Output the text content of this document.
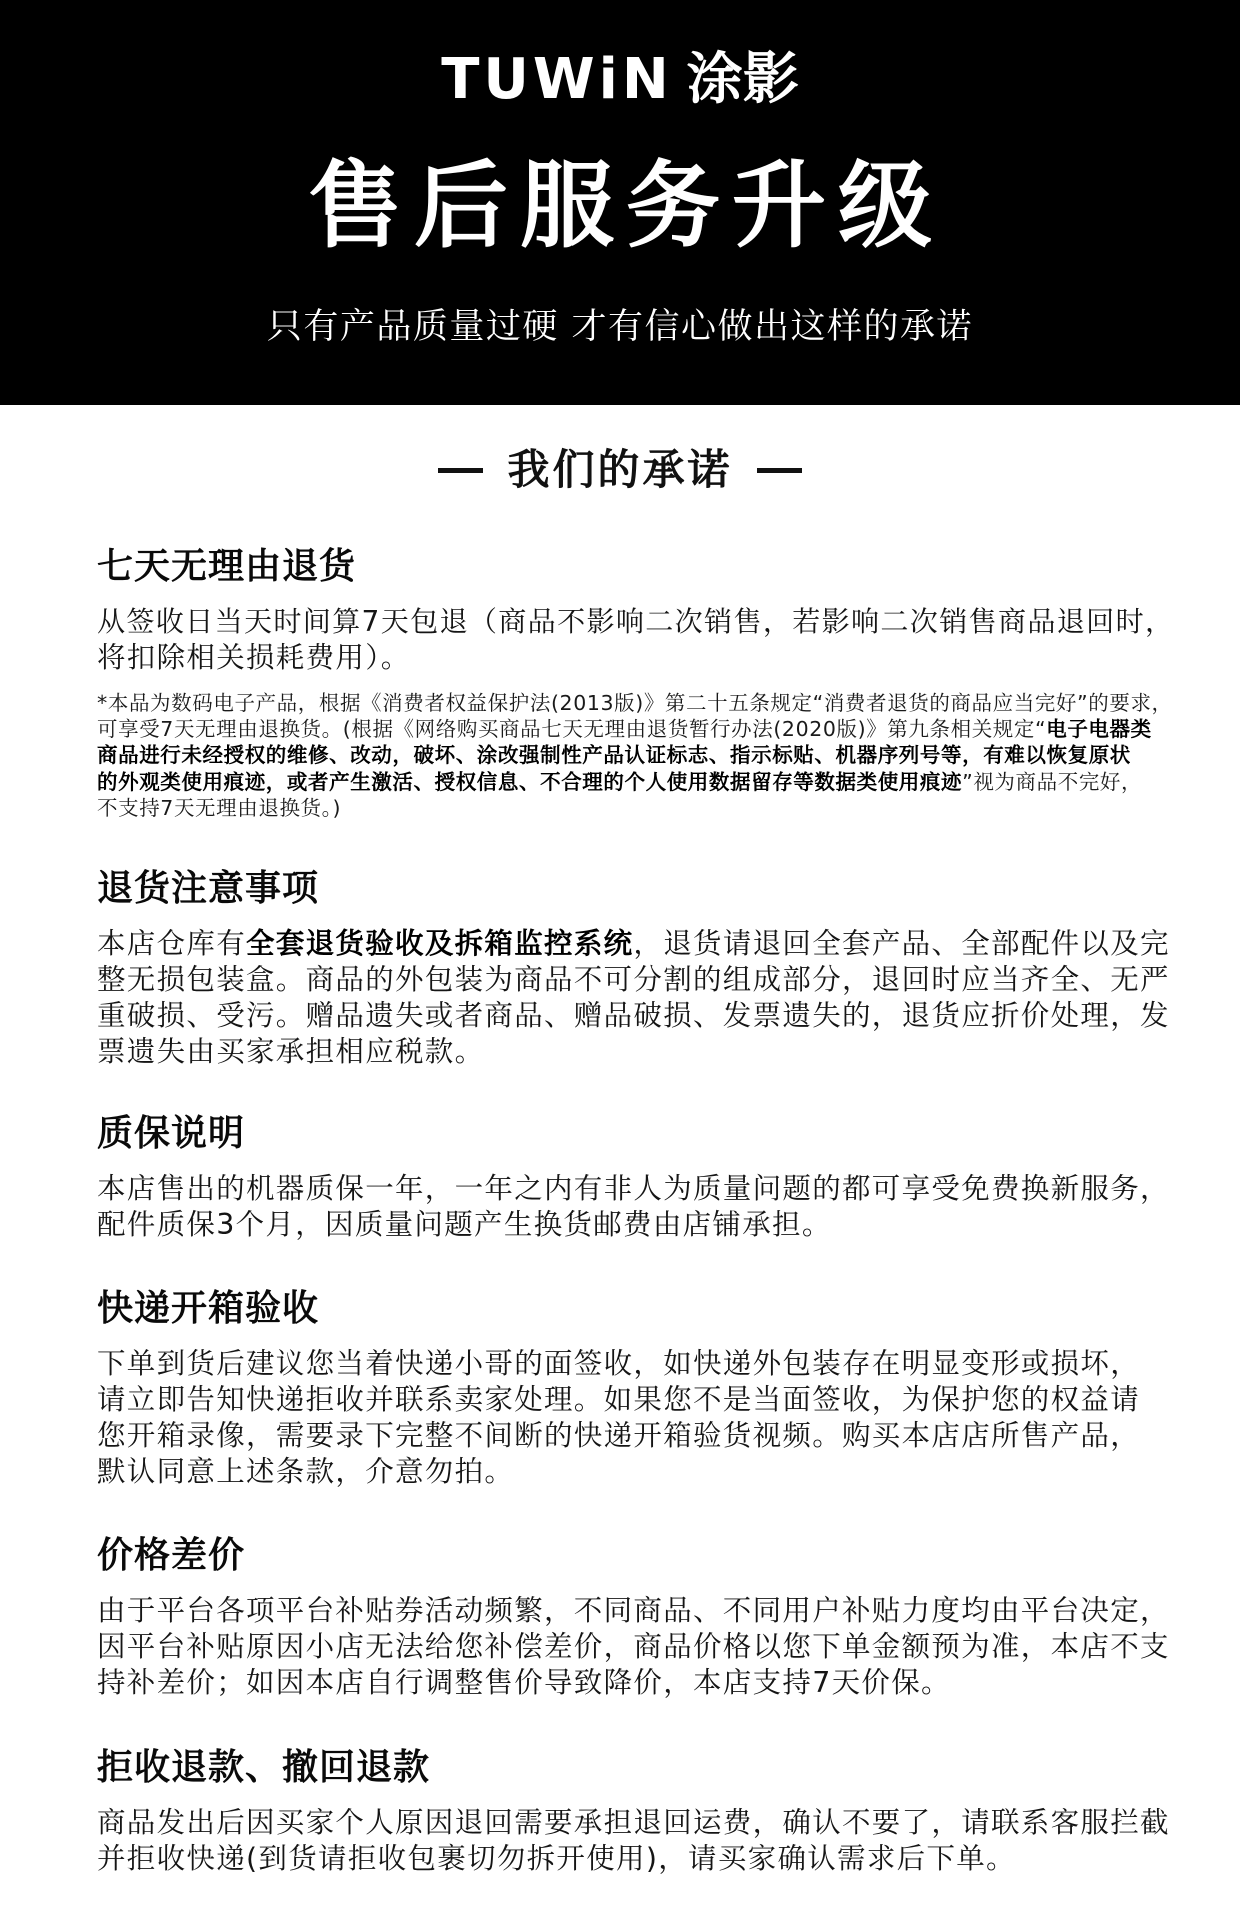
TUWiN 涂影
售后服务升级
只有产品质量过硬 才有信心做出这样的承诺
我们的承诺
七天无理由退货
从签收日当天时间算7天包退（商品不影响二次销售，若影响二次销售商品退回时，
将扣除相关损耗费用）。
*本品为数码电子产品，根据《消费者权益保护法(2013版)》第二十五条规定“消费者退货的商品应当完好”的要求，
可享受7天无理由退换货。(根据《网络购买商品七天无理由退货暂行办法(2020版)》第九条相关规定“电子电器类
商品进行未经授权的维修、改动，破坏、涂改强制性产品认证标志、指示标贴、机器序列号等，有难以恢复原状
的外观类使用痕迹，或者产生激活、授权信息、不合理的个人使用数据留存等数据类使用痕迹”视为商品不完好，
不支持7天无理由退换货。)
退货注意事项
本店仓库有全套退货验收及拆箱监控系统，退货请退回全套产品、全部配件以及完
整无损包装盒。商品的外包装为商品不可分割的组成部分，退回时应当齐全、无严
重破损、受污。赠品遗失或者商品、赠品破损、发票遗失的，退货应折价处理，发
票遗失由买家承担相应税款。
质保说明
本店售出的机器质保一年，一年之内有非人为质量问题的都可享受免费换新服务，
配件质保3个月，因质量问题产生换货邮费由店铺承担。
快递开箱验收
下单到货后建议您当着快递小哥的面签收，如快递外包装存在明显变形或损坏，
请立即告知快递拒收并联系卖家处理。如果您不是当面签收，为保护您的权益请
您开箱录像，需要录下完整不间断的快递开箱验货视频。购买本店店所售产品，
默认同意上述条款，介意勿拍。
价格差价
由于平台各项平台补贴券活动频繁，不同商品、不同用户补贴力度均由平台决定，
因平台补贴原因小店无法给您补偿差价，商品价格以您下单金额预为准，本店不支
持补差价；如因本店自行调整售价导致降价，本店支持7天价保。
拒收退款、撤回退款
商品发出后因买家个人原因退回需要承担退回运费，确认不要了，请联系客服拦截
并拒收快递(到货请拒收包裹切勿拆开使用)，请买家确认需求后下单。
